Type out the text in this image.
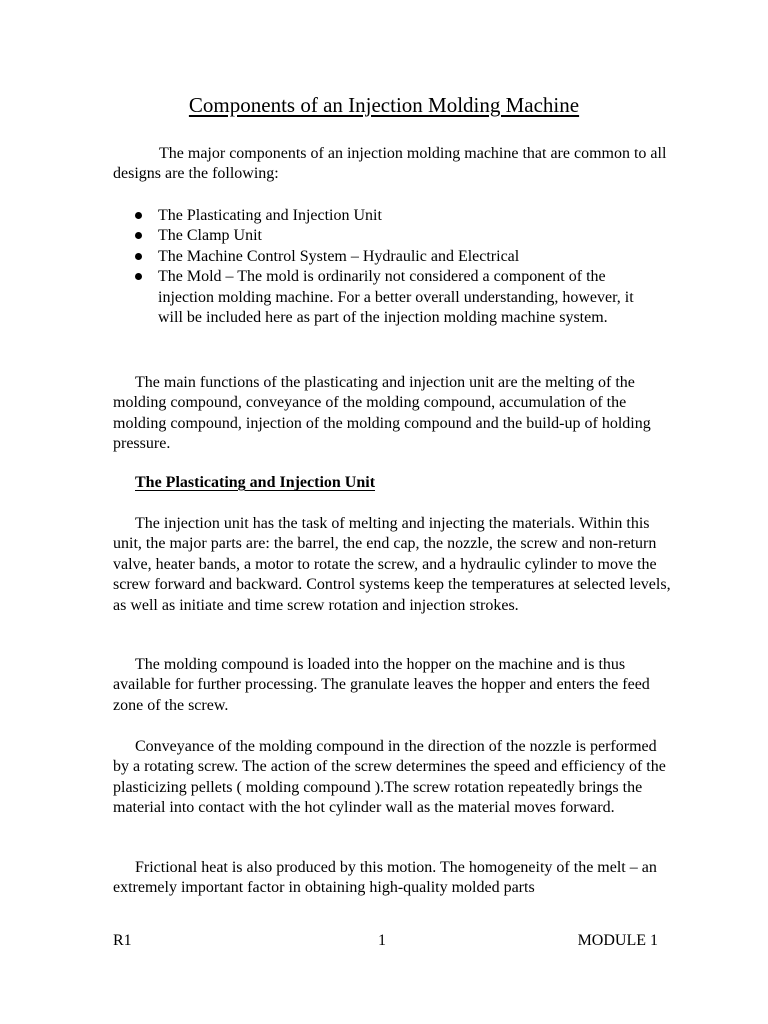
Components of an Injection Molding Machine

The major components of an injection molding machine that are common to all designs are the following:

The Plasticating and Injection Unit
The Clamp Unit
The Machine Control System – Hydraulic and Electrical
The Mold – The mold is ordinarily not considered a component of the injection molding machine. For a better overall understanding, however, it will be included here as part of the injection molding machine system.

The main functions of the plasticating and injection unit are the melting of the molding compound, conveyance of the molding compound, accumulation of the molding compound, injection of the molding compound and the build-up of holding pressure.

The Plasticating and Injection Unit

The injection unit has the task of melting and injecting the materials. Within this unit, the major parts are: the barrel, the end cap, the nozzle, the screw and non-return valve, heater bands, a motor to rotate the screw, and a hydraulic cylinder to move the screw forward and backward. Control systems keep the temperatures at selected levels, as well as initiate and time screw rotation and injection strokes.

The molding compound is loaded into the hopper on the machine and is thus available for further processing. The granulate leaves the hopper and enters the feed zone of the screw.

Conveyance of the molding compound in the direction of the nozzle is performed by a rotating screw. The action of the screw determines the speed and efficiency of the plasticizing pellets ( molding compound ).The screw rotation repeatedly brings the material into contact with the hot cylinder wall as the material moves forward.

Frictional heat is also produced by this motion. The homogeneity of the melt – an extremely important factor in obtaining high-quality molded parts

R1	1	MODULE 1
